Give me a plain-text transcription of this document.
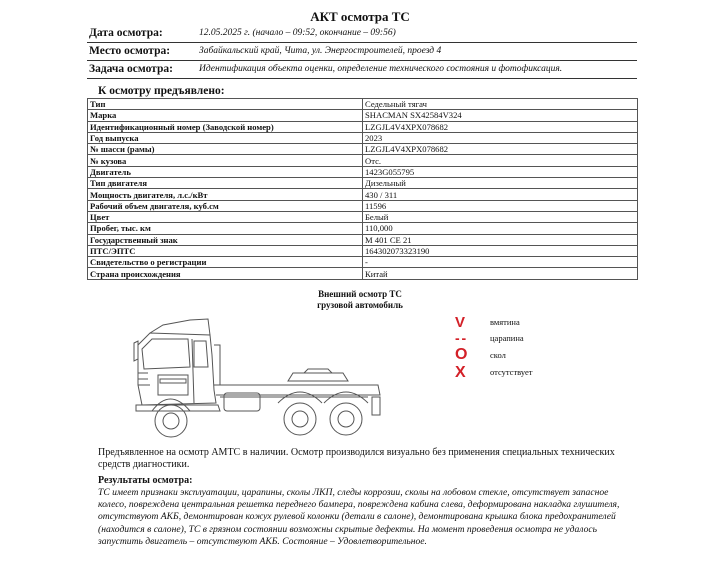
АКТ осмотра ТС
Дата осмотра:	12.05.2025 г. (начало – 09:52, окончание – 09:56)
Место осмотра:	Забайкальский край, Чита, ул. Энергостроителей, проезд 4
Задача осмотра:	Идентификация объекта оценки, определение технического состояния и фотофиксация.
К осмотру предъявлено:
Тип	Седельный тягач
Марка	SHACMAN SX42584V324
Идентификационный номер (Заводской номер)	LZGJL4V4XPX078682
Год выпуска	2023
№ шасси (рамы)	LZGJL4V4XPX078682
№ кузова	Отс.
Двигатель	1423G055795
Тип двигателя	Дизельный
Мощность двигателя, л.с./кВт	430 / 311
Рабочий объем двигателя, куб.см	11596
Цвет	Белый
Пробег, тыс. км	110,000
Государственный знак	М 401 СЕ 21
ПТС/ЭПТС	164302073323190
Свидетельство о регистрации	-
Страна происхождения	Китай
Внешний осмотр ТС
грузовой автомобиль
V	вмятина
- -	царапина
O	скол
X	отсутствует
Предъявленное на осмотр АМТС в наличии. Осмотр производился визуально без применения специальных технических средств диагностики.
Результаты осмотра:
ТС имеет признаки эксплуатации, царапины, сколы ЛКП, следы коррозии, сколы на лобовом стекле, отсутствует запасное колесо, повреждена центральная решетка переднего бампера, повреждена кабина слева, деформирована накладка глушителя, отсутствуют АКБ, демонтирован кожух рулевой колонки (детали в салоне), демонтирована крышка блока предохранителей (находится в салоне), ТС в грязном состоянии возможны скрытые дефекты. На момент проведения осмотра не удалось запустить двигатель – отсутствуют АКБ. Состояние – Удовлетворительное.
